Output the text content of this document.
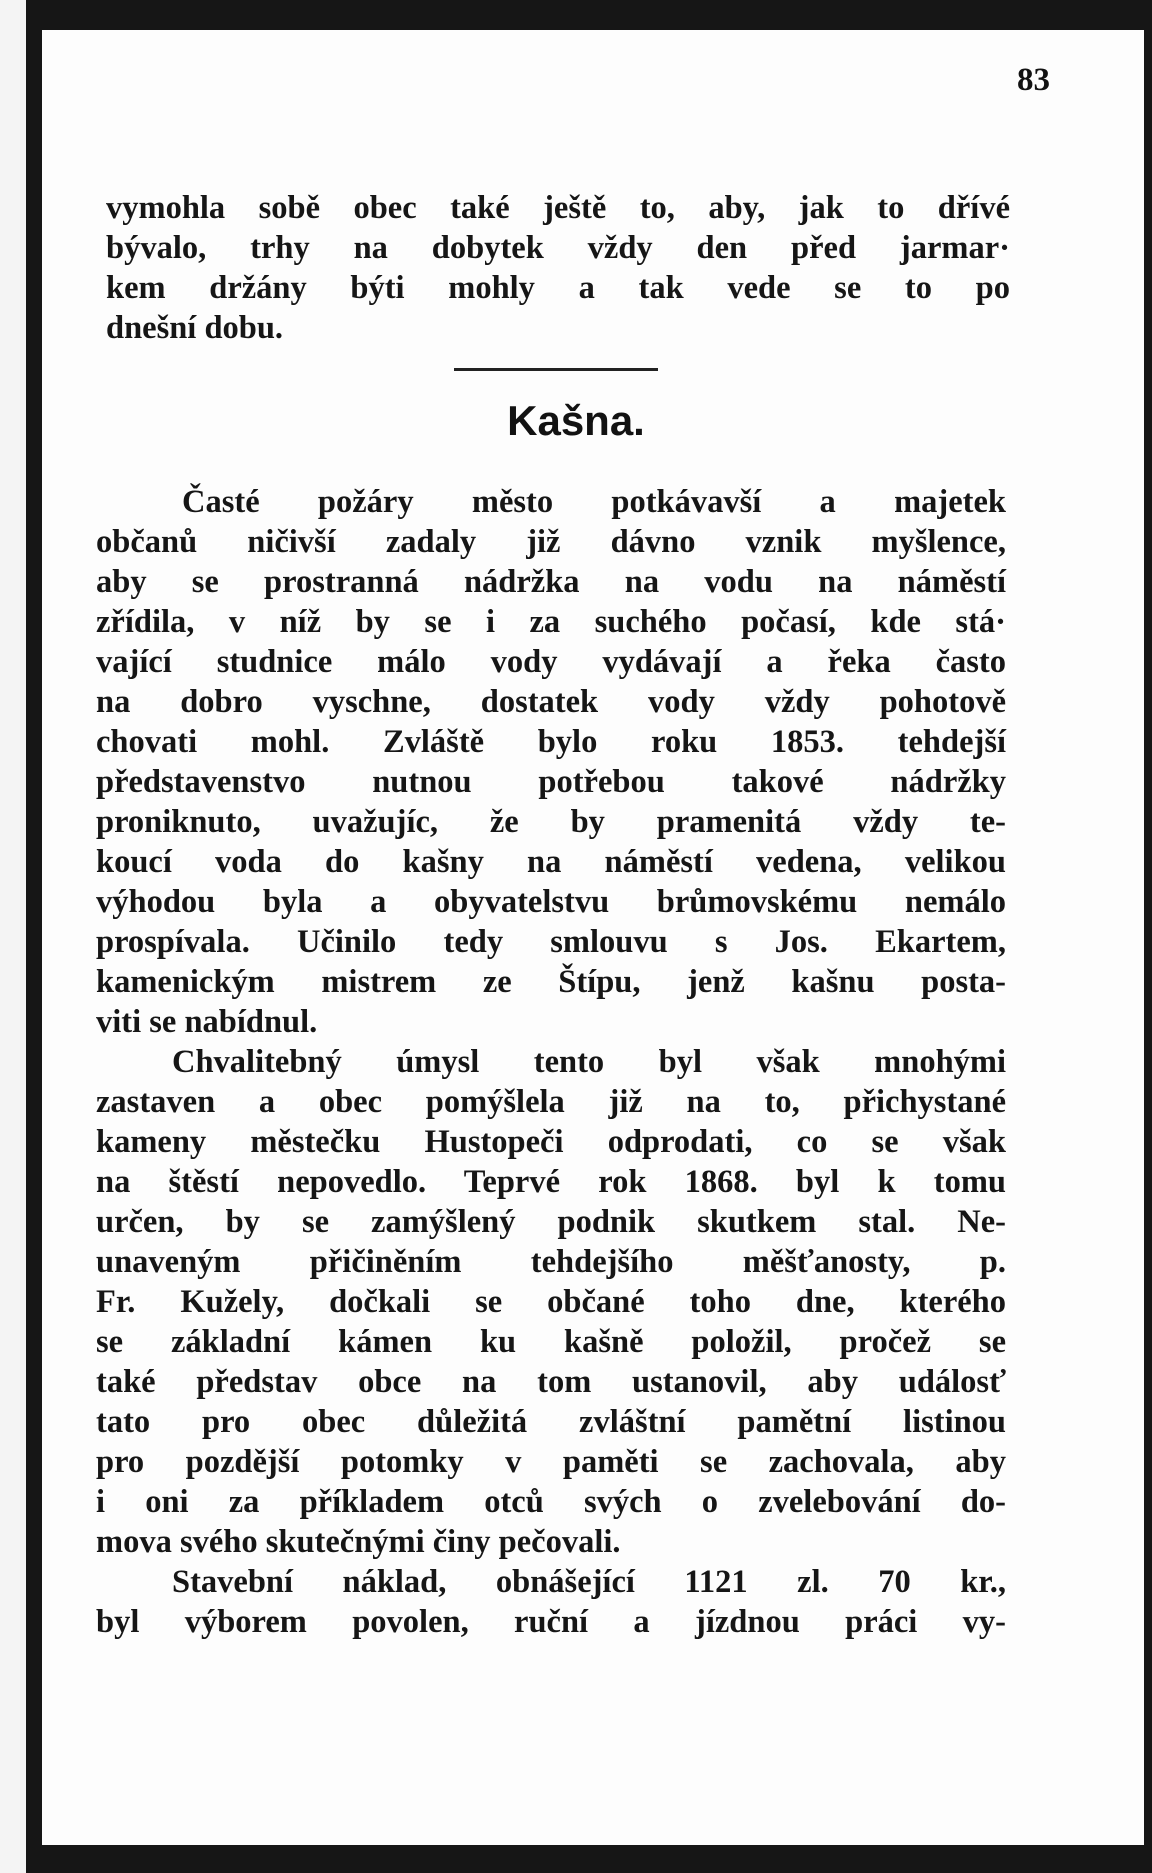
83
vymohla sobě obec také ještě to, aby, jak to dřívé
bývalo, trhy na dobytek vždy den před jarmar·
kem držány býti mohly a tak vede se to po
dnešní dobu.
Kašna.
Časté požáry město potkávavší a majetek
občanů ničivší zadaly již dávno vznik myšlence,
aby se prostranná nádržka na vodu na náměstí
zřídila, v níž by se i za suchého počasí, kde stá·
vající studnice málo vody vydávají a řeka často
na dobro vyschne, dostatek vody vždy pohotově
chovati mohl. Zvláště bylo roku 1853. tehdejší
představenstvo nutnou potřebou takové nádržky
proniknuto, uvažujíc, že by pramenitá vždy te-
koucí voda do kašny na náměstí vedena, velikou
výhodou byla a obyvatelstvu brůmovskému nemálo
prospívala. Učinilo tedy smlouvu s Jos. Ekartem,
kamenickým mistrem ze Štípu, jenž kašnu posta-
viti se nabídnul.
Chvalitebný úmysl tento byl však mnohými
zastaven a obec pomýšlela již na to, přichystané
kameny městečku Hustopeči odprodati, co se však
na štěstí nepovedlo. Teprvé rok 1868. byl k tomu
určen, by se zamýšlený podnik skutkem stal. Ne-
unaveným přičiněním tehdejšího měšťanosty, p.
Fr. Kužely, dočkali se občané toho dne, kterého
se základní kámen ku kašně položil, pročež se
také představ obce na tom ustanovil, aby událosť
tato pro obec důležitá zvláštní pamětní listinou
pro pozdější potomky v paměti se zachovala, aby
i oni za příkladem otců svých o zvelebování do-
mova svého skutečnými činy pečovali.
Stavební náklad, obnášející 1121 zl. 70 kr.,
byl výborem povolen, ruční a jízdnou práci vy-
